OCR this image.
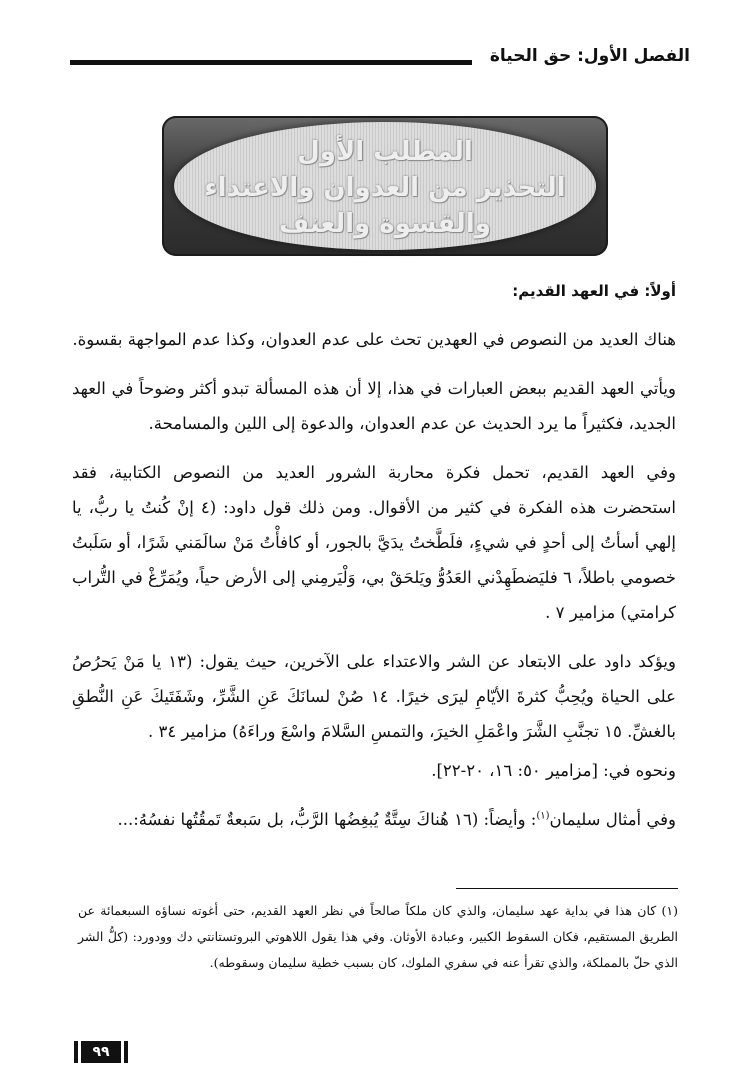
الفصل الأول: حق الحياة
المطلب الأول
التحذير من العدوان والاعتداء
والقسوة والعنف
أولاً: في العهد القديم:

هناك العديد من النصوص في العهدين تحث على عدم العدوان، وكذا عدم المواجهة بقسوة.

ويأتي العهد القديم ببعض العبارات في هذا، إلا أن هذه المسألة تبدو أكثر وضوحاً في العهد الجديد، فكثيراً ما يرد الحديث عن عدم العدوان، والدعوة إلى اللين والمسامحة.

وفي العهد القديم، تحمل فكرة محاربة الشرور العديد من النصوص الكتابية، فقد استحضرت هذه الفكرة في كثير من الأقوال. ومن ذلك قول داود: (٤ إنْ كُنتُ يا ربُّ، يا إلهي أسأتُ إلى أحدٍ في شيءٍ، فلَطَّختُ يدَيَّ بالجور، أو كافأْتُ مَنْ سالَمَني شَرًا، أو سَلَبتُ خصومي باطلاً، ٦ فليَضطَهِدْني العَدُوُّ ويَلحَقْ بي، وَلْيَرمِني إلى الأرض حياً، ويُمَرِّغْ في التُّراب كرامتي) مزامير ٧ .

ويؤكد داود على الابتعاد عن الشر والاعتداء على الآخرين، حيث يقول: (١٣ يا مَنْ يَحرُصُ على الحياة ويُحِبُّ كثرةَ الأيّامِ ليرَى خيرًا. ١٤ صُنْ لسانَكَ عَنِ الشَّرِّ، وشَفَتَيكَ عَنِ النُّطقِ بالغشِّ. ١٥ تجنَّبِ الشَّرَ واعْمَلِ الخيرَ، والتمسِ السَّلامَ واسْعَ وراءَهُ) مزامير ٣٤ .

ونحوه في: [مزامير ٥٠: ١٦، ٢٠-٢٢].

وفي أمثال سليمان$^{(١)}$: وأيضاً: (١٦ هُناكَ سِتَّةٌ يُبغِضُها الرَّبُّ، بل سَبعةٌ تَمقُتُها نفسُهُ:...

(١) كان هذا في بداية عهد سليمان، والذي كان ملكاً صالحاً في نظر العهد القديم، حتى أغوته نساؤه السبعمائة عن الطريق المستقيم، فكان السقوط الكبير، وعبادة الأوثان. وفي هذا يقول اللاهوتي البروتستانتي دك وودورد: (كلُّ الشر الذي حلّ بالمملكة، والذي تقرأ عنه في سفري الملوك، كان بسبب خطية سليمان وسقوطه).
٩٩
